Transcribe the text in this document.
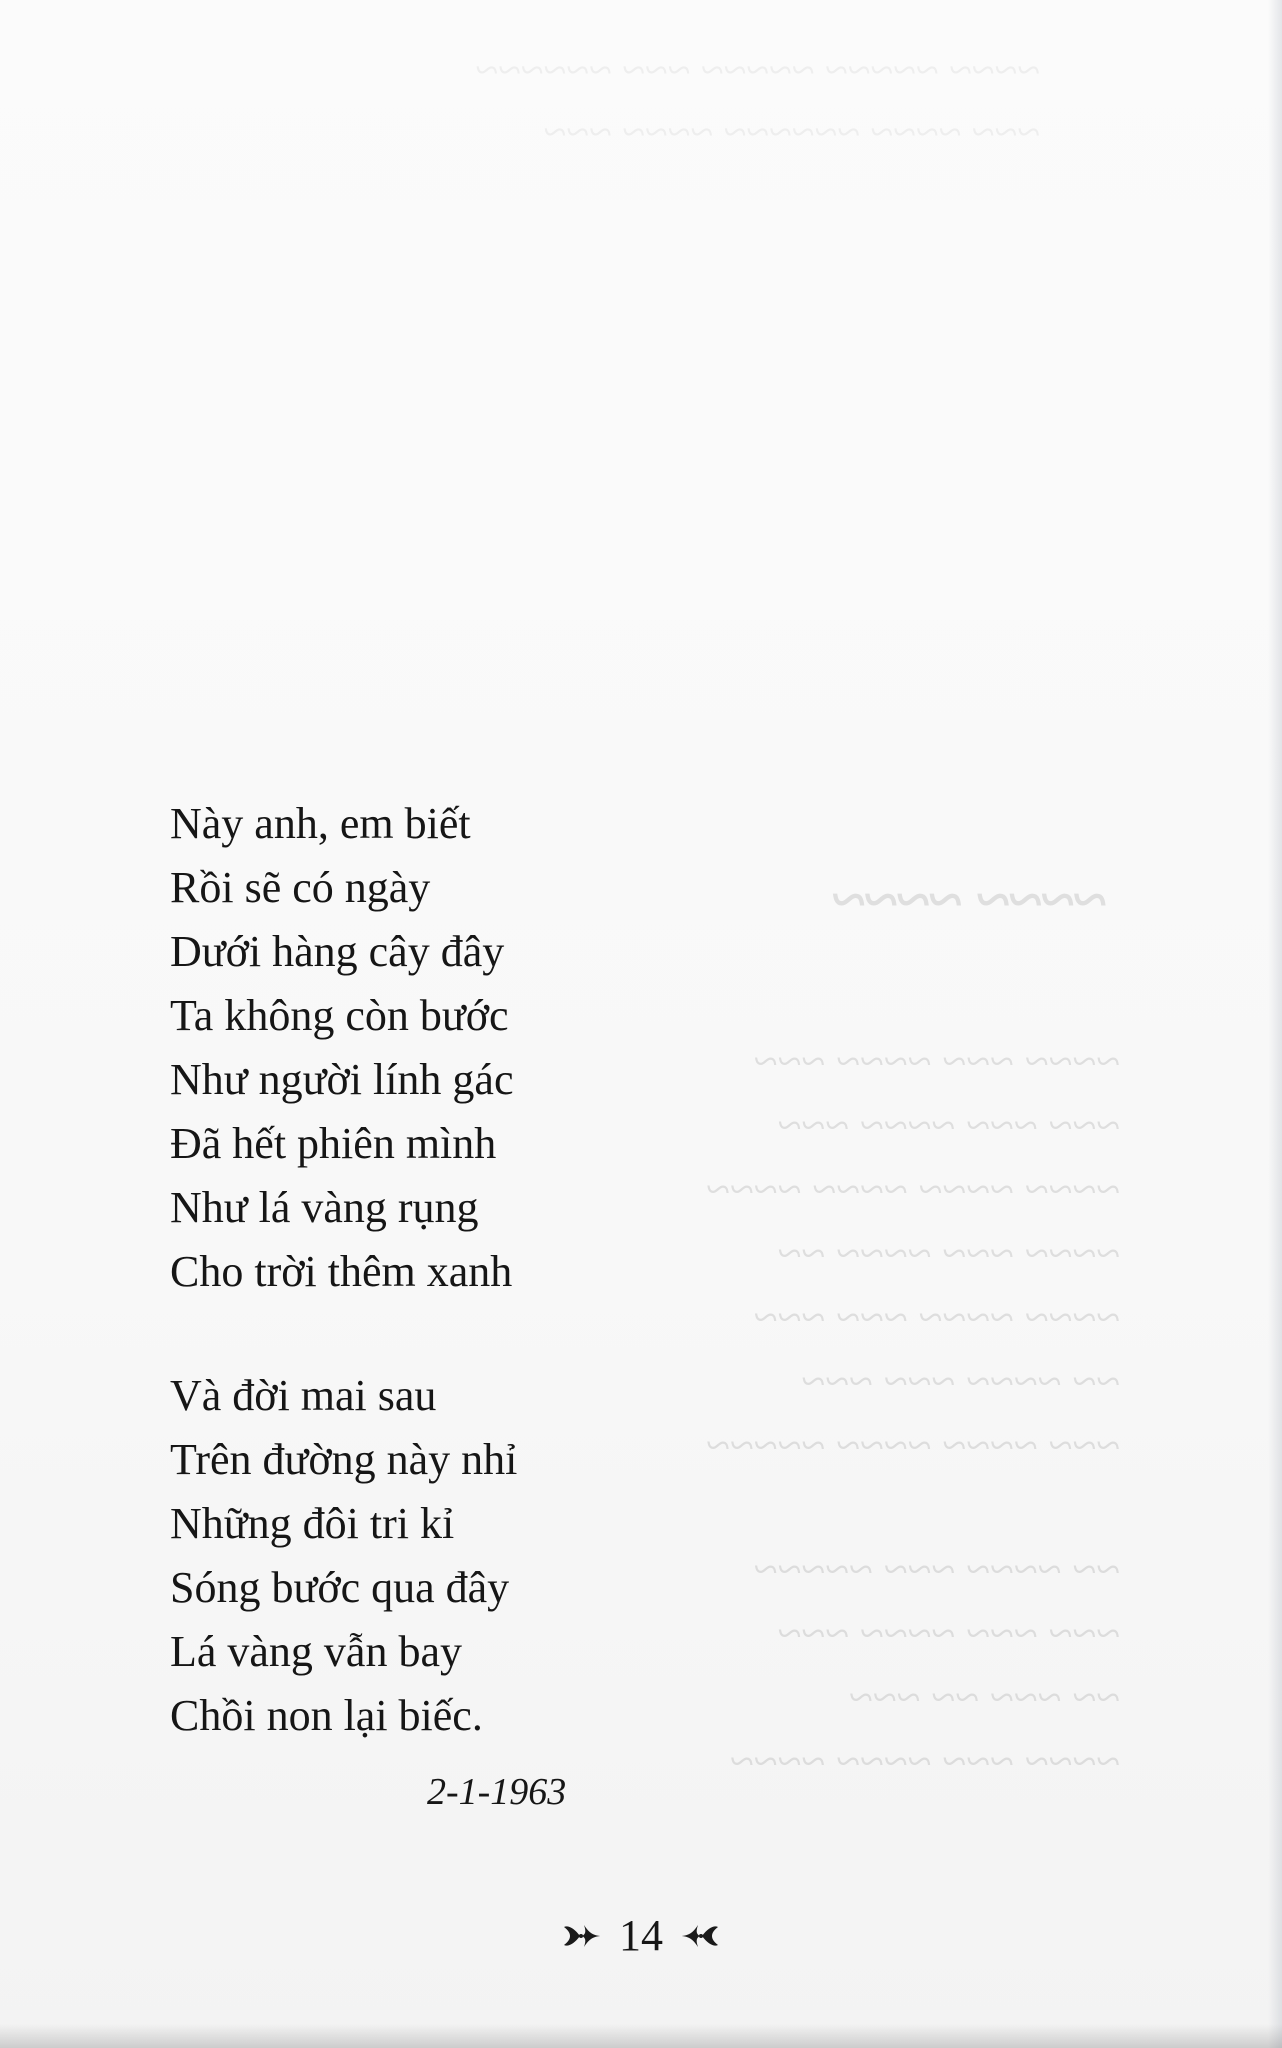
~~~~ ~~~~~ ~~~~~ ~~~ ~~~~~~
~~~ ~~~~ ~~~~~~ ~~~~ ~~~
~~~~ ~~~~
~~~~ ~~~ ~~~~ ~~~
~~~ ~~~ ~~~~ ~~~
~~~~ ~~~~ ~~~~ ~~~~
~~~~ ~~~ ~~~~ ~~
~~~~ ~~~~ ~~~ ~~~
~~ ~~~~ ~~~ ~~~
~~~ ~~~~ ~~~~ ~~~~~
~~ ~~~~ ~~~ ~~~~~
~~~ ~~~ ~~~~ ~~~
~~ ~~~ ~~ ~~~
~~~~ ~~~ ~~~~ ~~~~
Này anh, em biết
Rồi sẽ có ngày
Dưới hàng cây đây
Ta không còn bước
Như người lính gác
Đã hết phiên mình
Như lá vàng rụng
Cho trời thêm xanh
Và đời mai sau
Trên đường này nhỉ
Những đôi tri kỉ
Sóng bước qua đây
Lá vàng vẫn bay
Chồi non lại biếc.
2-1-1963
14
